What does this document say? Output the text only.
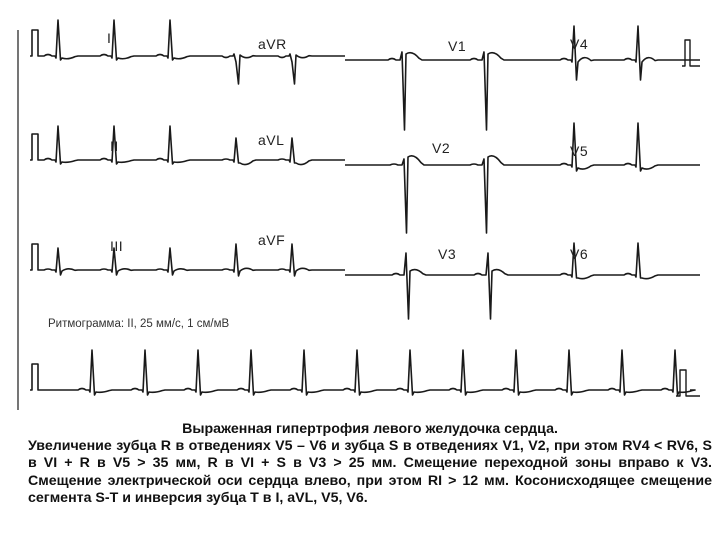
I	aVR	V1	V4
II	aVL	V2	V5
III	aVF
V3	V6
Ритмограмма: II, 25 мм/с, 1 см/мВ
Выраженная гипертрофия левого желудочка сердца.
Увеличение зубца R в отведениях V5 – V6 и зубца S в отведениях V1, V2, при этом RV4 < RV6, S в VI + R в V5 > 35 мм, R в VI + S в V3 > 25 мм. Смещение переходной зоны вправо к V3. Смещение электрической оси сердца влево, при этом RI > 12 мм. Косонисходящее смещение сегмента S-T и инверсия зубца Т в I, aVL, V5, V6.
